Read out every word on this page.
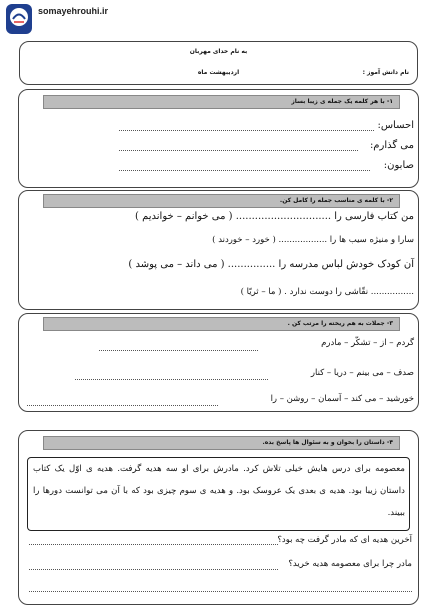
somayehrouhi.ir
به نام خدای مهربان
نام دانش آموز :
اردیبهشت ماه
۱- با هر کلمه یک جمله ی زیبا بساز
احساس:
می گذارم:
صابون:
۲- با کلمه ی مناسب جمله را کامل کن.
من کتاب فارسی را .............................. ( می خوانم – خواندیم )
سارا و منیژه سیب ها را .................. ( خورد – خوردند )
آن کودک خودش لباس مدرسه را ............... ( می داند – می پوشد )
................ نقّاشی را دوست ندارد . ( ما – ثریّا )
۳- جملات به هم ریخته را مرتب کن .
گردم – از – تشکّر – مادرم
صدف – می بینم – دریا – کنار
خورشید – می کند – آسمان – روشن – را
۴- داستان را بخوان و به سئوال ها پاسخ بده.
معصومه برای درس هایش خیلی تلاش کرد. مادرش برای او سه هدیه گرفت. هدیه ی اوّل یک کتاب داستان زیبا بود. هدیه ی بعدی یک عروسک بود. و هدیه ی سوم چیزی بود که با آن می توانست دورها را ببیند.
آخرین هدیه ای که مادر گرفت چه بود؟
مادر چرا برای معصومه هدیه خرید؟
